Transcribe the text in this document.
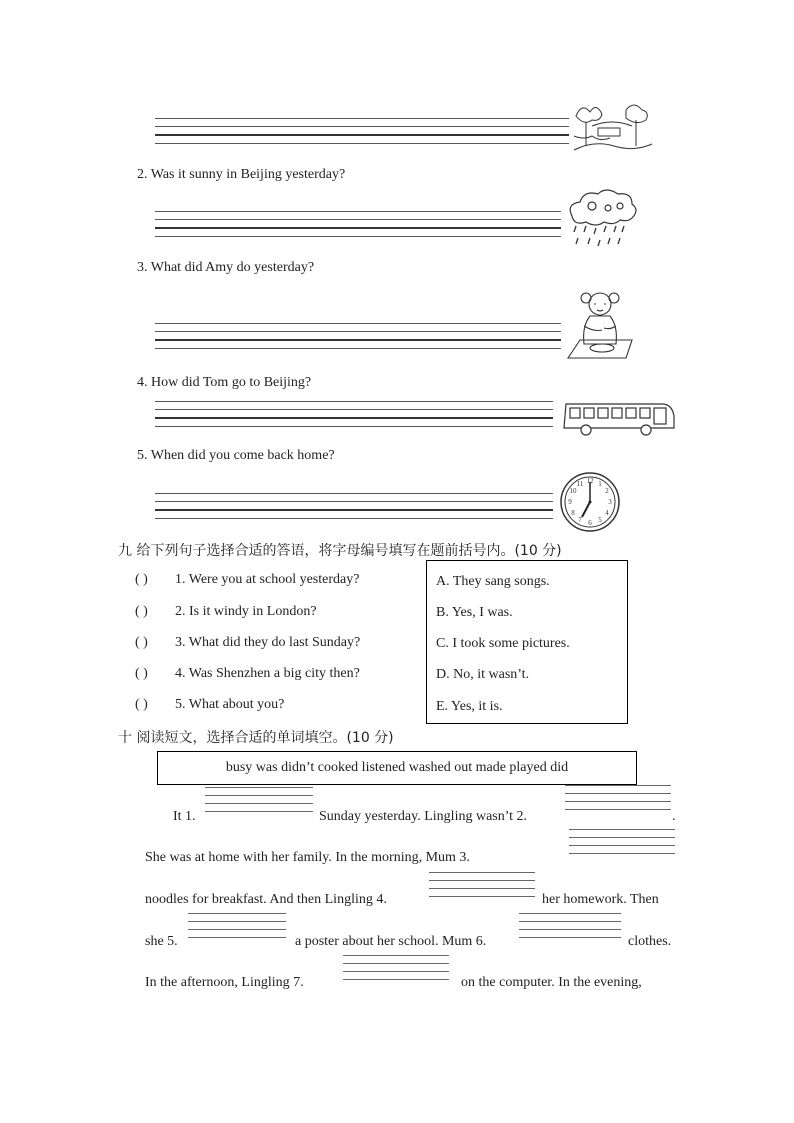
2. Was it sunny in Beijing yesterday?
3. What did Amy do yesterday?
4. How did Tom go to Beijing?
5. When did you come back home?
12 1
2
3
4
5
6
7
8
9
10
11
九 给下列句子选择合适的答语，将字母编号填写在题前括号内。(10 分)
( ) 1. Were you at school yesterday?
( ) 2. Is it windy in London?
( ) 3. What did they do last Sunday?
( ) 4. Was Shenzhen a big city then?
( ) 5. What about you?
A. They sang songs.
B. Yes, I was.
C. I took some pictures.
D. No, it wasn’t.
E. Yes, it is.
十 阅读短文，选择合适的单词填空。(10 分)
busy was didn’t cooked listened washed out made played did
It 1.	Sunday yesterday. Lingling wasn’t 2.	.
She was at home with her family. In the morning, Mum 3.
noodles for breakfast. And then Lingling 4.	her homework. Then
she 5.	a poster about her school. Mum 6.	clothes.
In the afternoon, Lingling 7.	on the computer. In the evening,
